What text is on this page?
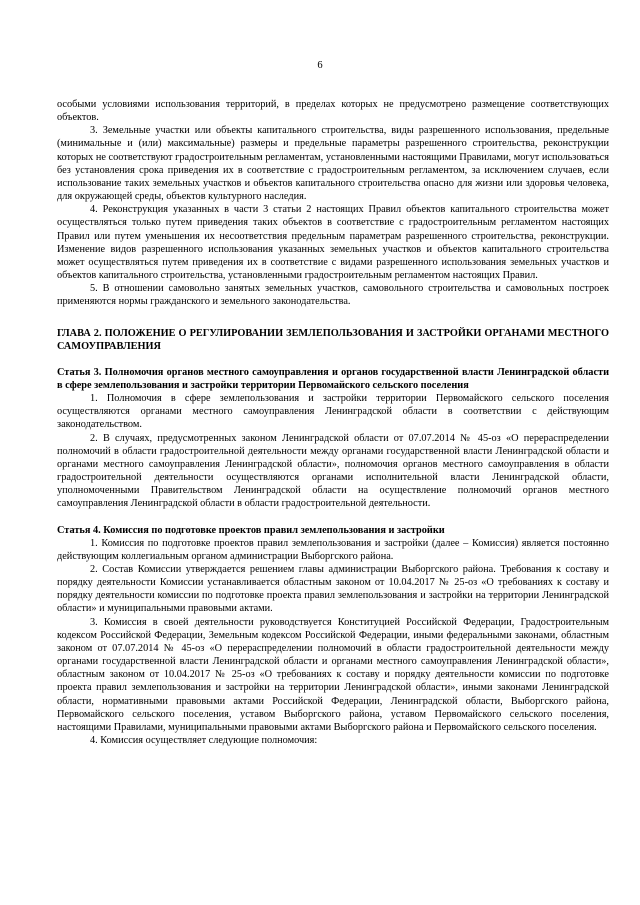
6

особыми условиями использования территорий, в пределах которых не предусмотрено размещение соответствующих объектов.

3. Земельные участки или объекты капитального строительства, виды разрешенного использования, предельные (минимальные и (или) максимальные) размеры и предельные параметры разрешенного строительства, реконструкции которых не соответствуют градостроительным регламентам, установленными настоящими Правилами, могут использоваться без установления срока приведения их в соответствие с градостроительным регламентом, за исключением случаев, если использование таких земельных участков и объектов капитального строительства опасно для жизни или здоровья человека, для окружающей среды, объектов культурного наследия.

4. Реконструкция указанных в части 3 статьи 2 настоящих Правил объектов капитального строительства может осуществляться только путем приведения таких объектов в соответствие с градостроительным регламентом настоящих Правил или путем уменьшения их несоответствия предельным параметрам разрешенного строительства, реконструкции. Изменение видов разрешенного использования указанных земельных участков и объектов капитального строительства может осуществляться путем приведения их в соответствие с видами разрешенного использования земельных участков и объектов капитального строительства, установленными градостроительным регламентом настоящих Правил.

5. В отношении самовольно занятых земельных участков, самовольного строительства и самовольных построек применяются нормы гражданского и земельного законодательства.

ГЛАВА 2. ПОЛОЖЕНИЕ О РЕГУЛИРОВАНИИ ЗЕМЛЕПОЛЬЗОВАНИЯ И ЗАСТРОЙКИ ОРГАНАМИ МЕСТНОГО САМОУПРАВЛЕНИЯ

Статья 3. Полномочия органов местного самоуправления и органов государственной власти Ленинградской области в сфере землепользования и застройки территории Первомайского сельского поселения

1. Полномочия в сфере землепользования и застройки территории Первомайского сельского поселения осуществляются органами местного самоуправления Ленинградской области в соответствии с действующим законодательством.

2. В случаях, предусмотренных законом Ленинградской области от 07.07.2014 № 45-оз «О перераспределении полномочий в области градостроительной деятельности между органами государственной власти Ленинградской области и органами местного самоуправления Ленинградской области», полномочия органов местного самоуправления в области градостроительной деятельности осуществляются органами исполнительной власти Ленинградской области, уполномоченными Правительством Ленинградской области на осуществление полномочий органов местного самоуправления Ленинградской области в области градостроительной деятельности.

Статья 4. Комиссия по подготовке проектов правил землепользования и застройки

1. Комиссия по подготовке проектов правил землепользования и застройки (далее – Комиссия) является постоянно действующим коллегиальным органом администрации Выборгского района.

2. Состав Комиссии утверждается решением главы администрации Выборгского района. Требования к составу и порядку деятельности Комиссии устанавливается областным законом от 10.04.2017 № 25-оз «О требованиях к составу и порядку деятельности комиссии по подготовке проекта правил землепользования и застройки на территории Ленинградской области» и муниципальными правовыми актами.

3. Комиссия в своей деятельности руководствуется Конституцией Российской Федерации, Градостроительным кодексом Российской Федерации, Земельным кодексом Российской Федерации, иными федеральными законами, областным законом от 07.07.2014 № 45-оз «О перераспределении полномочий в области градостроительной деятельности между органами государственной власти Ленинградской области и органами местного самоуправления Ленинградской области», областным законом от 10.04.2017 № 25-оз «О требованиях к составу и порядку деятельности комиссии по подготовке проекта правил землепользования и застройки на территории Ленинградской области», иными законами Ленинградской области, нормативными правовыми актами Российской Федерации, Ленинградской области, Выборгского района, Первомайского сельского поселения, уставом Выборгского района, уставом Первомайского сельского поселения, настоящими Правилами, муниципальными правовыми актами Выборгского района и Первомайского сельского поселения.

4. Комиссия осуществляет следующие полномочия:
